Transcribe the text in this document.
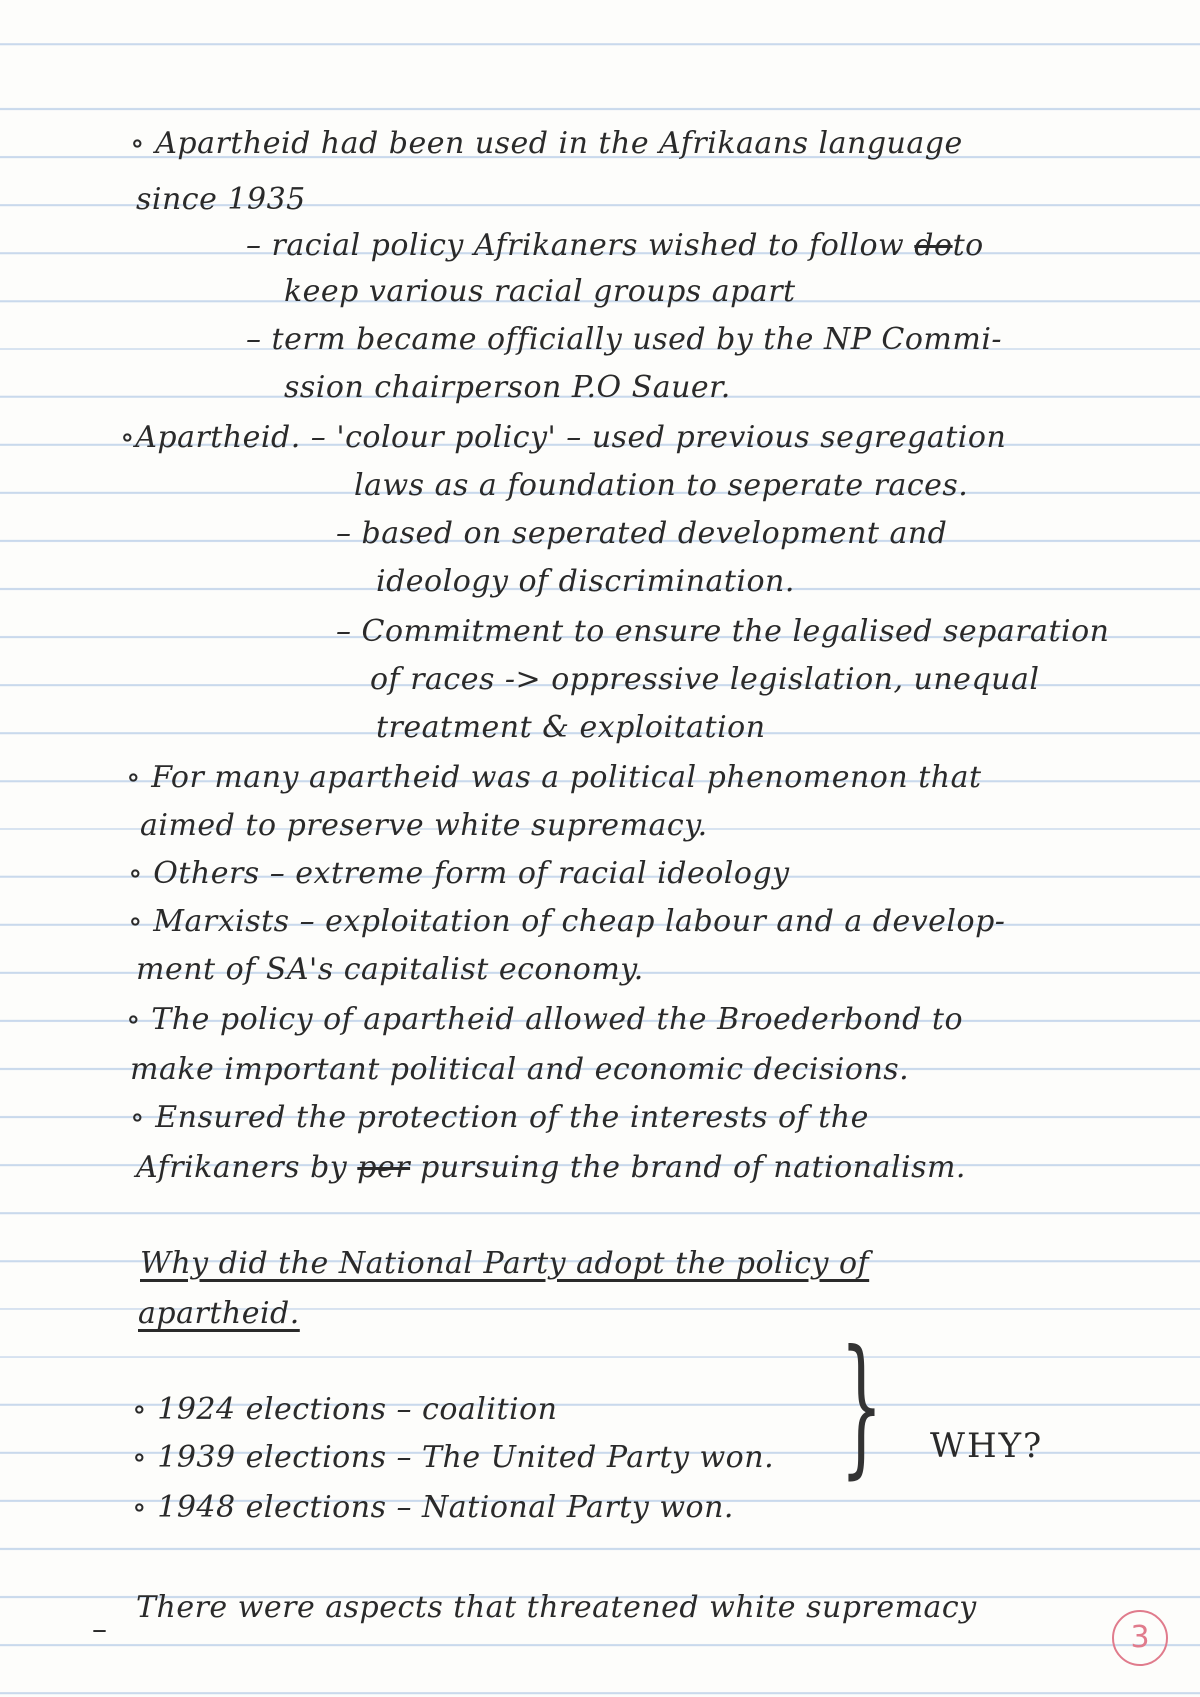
∘ Apartheid had been used in the Afrikaans language
since 1935
– racial policy Afrikaners wished to follow doto
keep various racial groups apart
– term became officially used by the NP Commi-
ssion chairperson P.O Sauer.
∘Apartheid. – 'colour policy' – used previous segregation
laws as a foundation to seperate races.
– based on seperated development and
ideology of discrimination.
– Commitment to ensure the legalised separation
of races -> oppressive legislation, unequal
treatment & exploitation
∘ For many apartheid was a political phenomenon that
aimed to preserve white supremacy.
∘ Others – extreme form of racial ideology
∘ Marxists – exploitation of cheap labour and a develop-
ment of SA's capitalist economy.
∘ The policy of apartheid allowed the Broederbond to
make important political and economic decisions.
∘ Ensured the protection of the interests of the
Afrikaners by per pursuing the brand of nationalism.
Why did the National Party adopt the policy of
apartheid.
∘ 1924 elections – coalition
∘ 1939 elections – The United Party won.
∘ 1948 elections – National Party won.
} WHY?
–
There were aspects that threatened white supremacy
3
